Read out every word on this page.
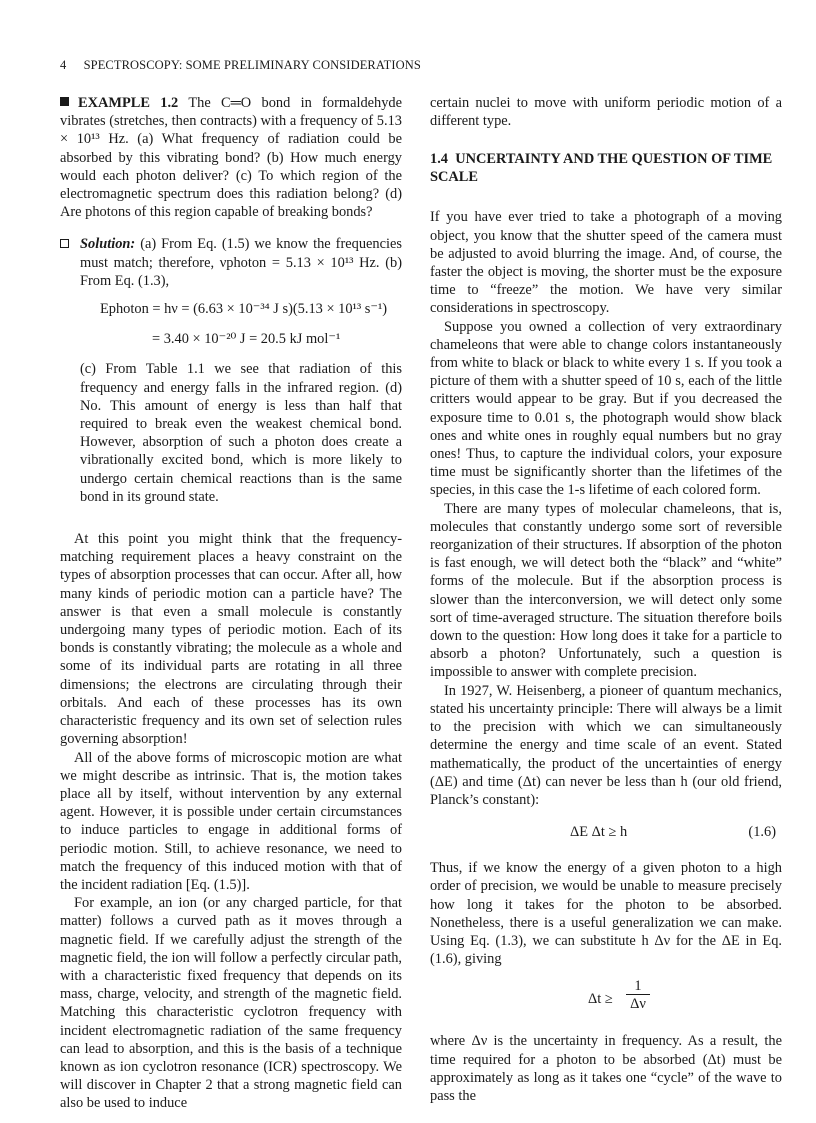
4 SPECTROSCOPY: SOME PRELIMINARY CONSIDERATIONS

EXAMPLE 1.2 The C═O bond in formaldehyde vibrates (stretches, then contracts) with a frequency of 5.13 × 10¹³ Hz. (a) What frequency of radiation could be absorbed by this vibrating bond? (b) How much energy would each photon deliver? (c) To which region of the electromagnetic spectrum does this radiation belong? (d) Are photons of this region capable of breaking bonds?

Solution: (a) From Eq. (1.5) we know the frequencies must match; therefore, νphoton = 5.13 × 10¹³ Hz. (b) From Eq. (1.3),

Ephoton = hν = (6.63 × 10⁻³⁴ J s)(5.13 × 10¹³ s⁻¹)

= 3.40 × 10⁻²⁰ J = 20.5 kJ mol⁻¹

(c) From Table 1.1 we see that radiation of this frequency and energy falls in the infrared region. (d) No. This amount of energy is less than half that required to break even the weakest chemical bond. However, absorption of such a photon does create a vibrationally excited bond, which is more likely to undergo certain chemical reactions than is the same bond in its ground state.

At this point you might think that the frequency-matching requirement places a heavy constraint on the types of absorption processes that can occur. After all, how many kinds of periodic motion can a particle have? The answer is that even a small molecule is constantly undergoing many types of periodic motion. Each of its bonds is constantly vibrating; the molecule as a whole and some of its individual parts are rotating in all three dimensions; the electrons are circulating through their orbitals. And each of these processes has its own characteristic frequency and its own set of selection rules governing absorption!

All of the above forms of microscopic motion are what we might describe as intrinsic. That is, the motion takes place all by itself, without intervention by any external agent. However, it is possible under certain circumstances to induce particles to engage in additional forms of periodic motion. Still, to achieve resonance, we need to match the frequency of this induced motion with that of the incident radiation [Eq. (1.5)].

For example, an ion (or any charged particle, for that matter) follows a curved path as it moves through a magnetic field. If we carefully adjust the strength of the magnetic field, the ion will follow a perfectly circular path, with a characteristic fixed frequency that depends on its mass, charge, velocity, and strength of the magnetic field. Matching this characteristic cyclotron frequency with incident electromagnetic radiation of the same frequency can lead to absorption, and this is the basis of a technique known as ion cyclotron resonance (ICR) spectroscopy. We will discover in Chapter 2 that a strong magnetic field can also be used to induce

certain nuclei to move with uniform periodic motion of a different type.

1.4 UNCERTAINTY AND THE QUESTION OF TIME SCALE

If you have ever tried to take a photograph of a moving object, you know that the shutter speed of the camera must be adjusted to avoid blurring the image. And, of course, the faster the object is moving, the shorter must be the exposure time to “freeze” the motion. We have very similar considerations in spectroscopy.

Suppose you owned a collection of very extraordinary chameleons that were able to change colors instantaneously from white to black or black to white every 1 s. If you took a picture of them with a shutter speed of 10 s, each of the little critters would appear to be gray. But if you decreased the exposure time to 0.01 s, the photograph would show black ones and white ones in roughly equal numbers but no gray ones! Thus, to capture the individual colors, your exposure time must be significantly shorter than the lifetimes of the species, in this case the 1-s lifetime of each colored form.

There are many types of molecular chameleons, that is, molecules that constantly undergo some sort of reversible reorganization of their structures. If absorption of the photon is fast enough, we will detect both the “black” and “white” forms of the molecule. But if the absorption process is slower than the interconversion, we will detect only some sort of time-averaged structure. The situation therefore boils down to the question: How long does it take for a particle to absorb a photon? Unfortunately, such a question is impossible to answer with complete precision.

In 1927, W. Heisenberg, a pioneer of quantum mechanics, stated his uncertainty principle: There will always be a limit to the precision with which we can simultaneously determine the energy and time scale of an event. Stated mathematically, the product of the uncertainties of energy (ΔE) and time (Δt) can never be less than h (our old friend, Planck’s constant):

ΔE Δt ≥ h	(1.6)

Thus, if we know the energy of a given photon to a high order of precision, we would be unable to measure precisely how long it takes for the photon to be absorbed. Nonetheless, there is a useful generalization we can make. Using Eq. (1.3), we can substitute h Δν for the ΔE in Eq. (1.6), giving

$\Delta t \ge \frac{1}{\Delta\nu}$

where Δν is the uncertainty in frequency. As a result, the time required for a photon to be absorbed (Δt) must be approximately as long as it takes one “cycle” of the wave to pass the
